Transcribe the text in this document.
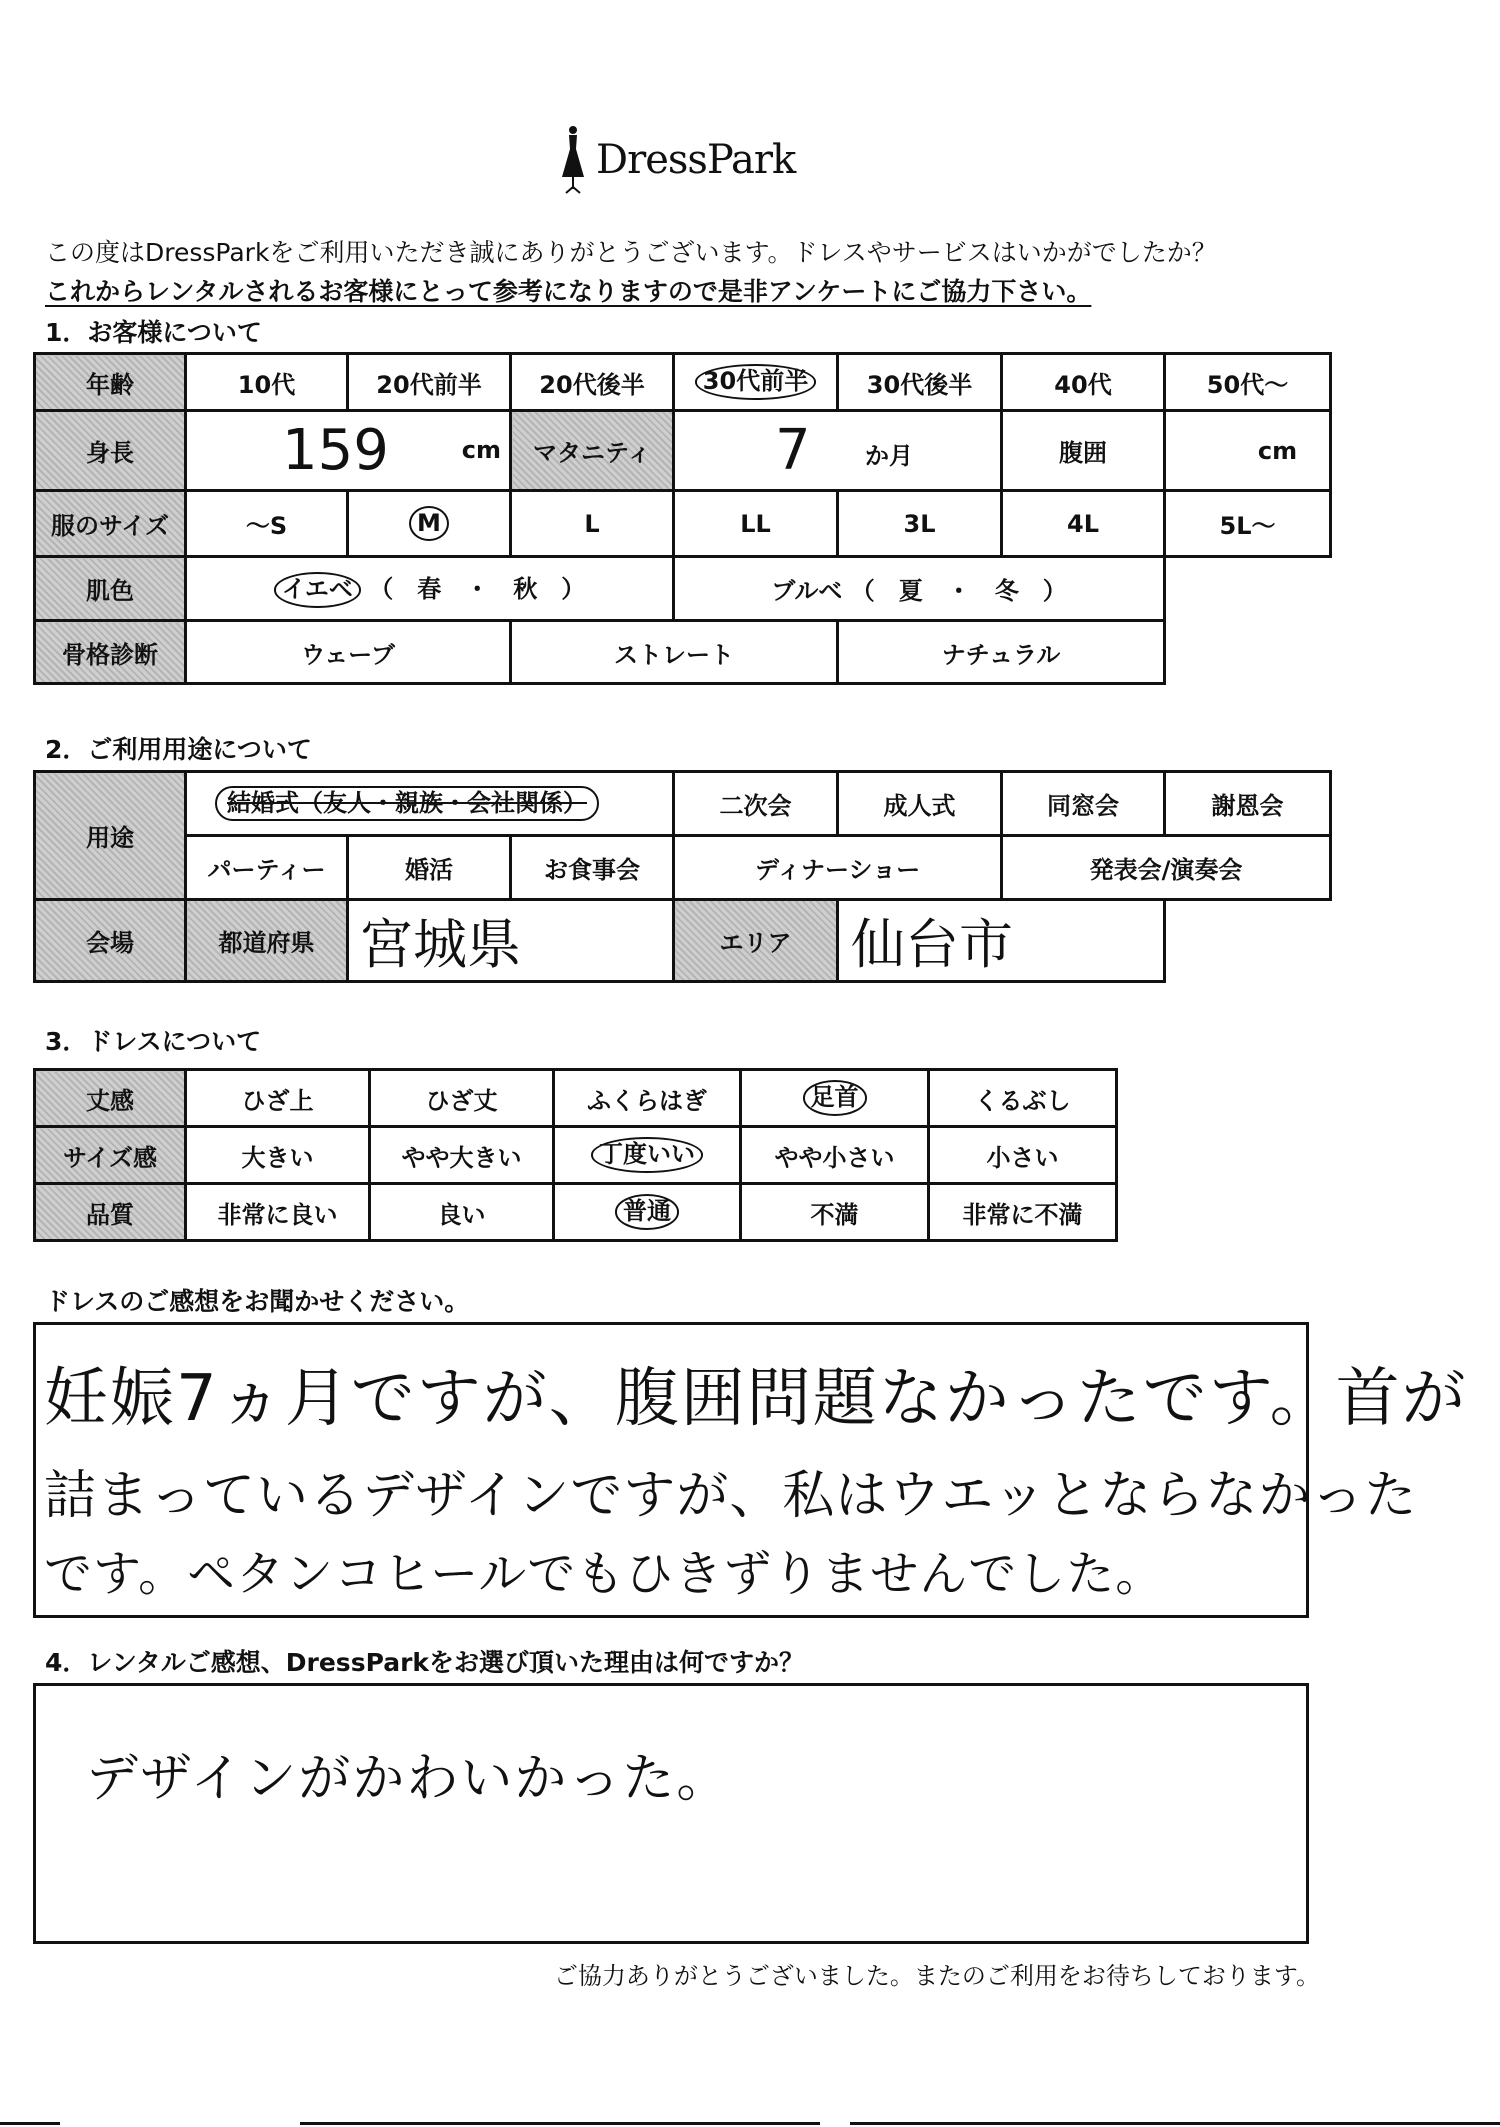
DressPark
この度はDressParkをご利用いただき誠にありがとうございます。ドレスやサービスはいかがでしたか？
これからレンタルされるお客様にとって参考になりますので是非アンケートにご協力下さい。
1．お客様について
年齢	10代	20代前半	20代後半	30代前半	30代後半	40代	50代～
身長	159 cm		マタニティ	7 か月		腹囲	cm
服のサイズ	～S	M	L	LL	3L	4L	5L～
肌色	イエベ （　春　・　秋　）			ブルベ （　夏　・　冬　）			
骨格診断	ウェーブ		ストレート		ナチュラル		
2．ご利用用途について
用途	結婚式（友人・親族・会社関係）			二次会	成人式	同窓会	謝恩会
	パーティー	婚活	お食事会	ディナーショー		発表会/演奏会	
会場	都道府県	宮城県		エリア	仙台市		
3．ドレスについて
丈感	ひざ上	ひざ丈	ふくらはぎ	足首	くるぶし
サイズ感	大きい	やや大きい	丁度いい	やや小さい	小さい
品質	非常に良い	良い	普通	不満	非常に不満
ドレスのご感想をお聞かせください。
妊娠7ヵ月ですが、腹囲問題なかったです。首が
詰まっているデザインですが、私はウエッとならなかった
です。ペタンコヒールでもひきずりませんでした。
4．レンタルご感想、DressParkをお選び頂いた理由は何ですか？
デザインがかわいかった。
ご協力ありがとうございました。またのご利用をお待ちしております。
